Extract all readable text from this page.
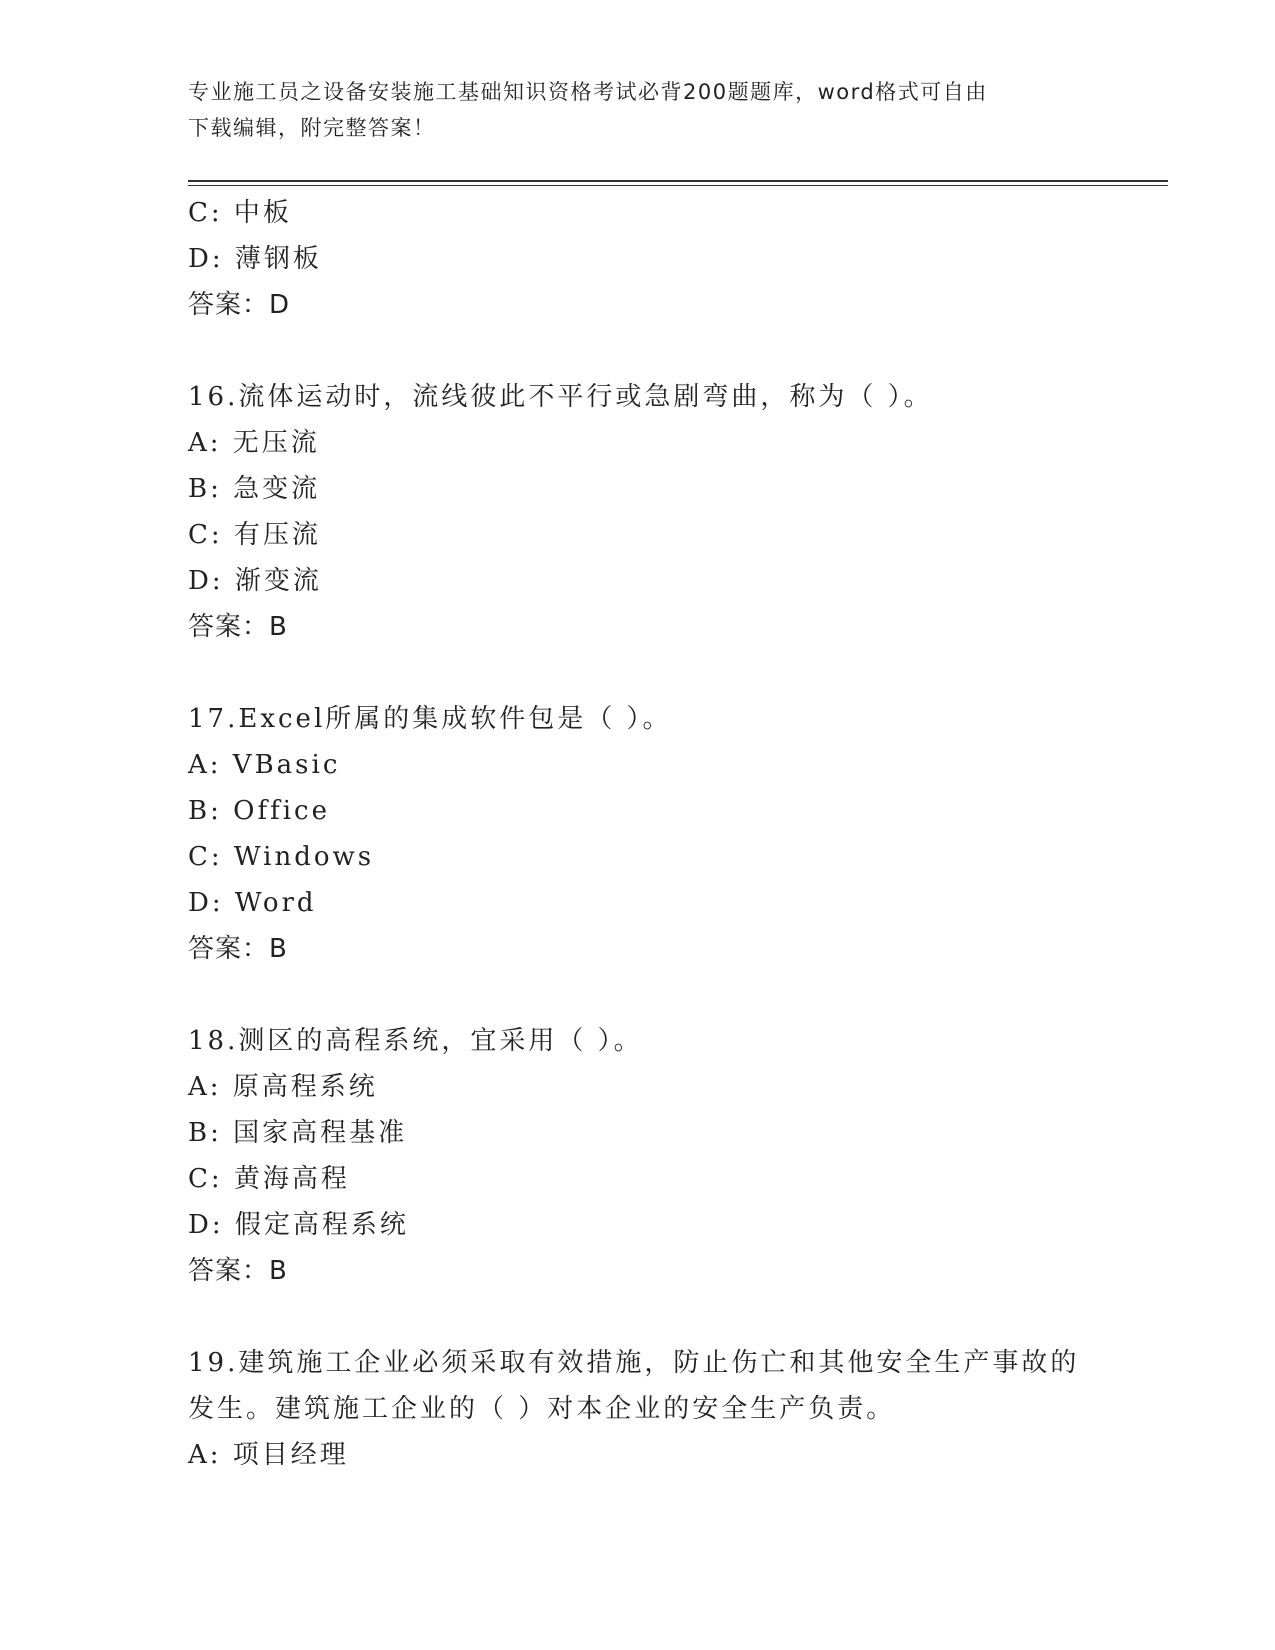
专业施工员之设备安装施工基础知识资格考试必背200题题库，word格式可自由
下载编辑，附完整答案！
C: 中板
D: 薄钢板
答案：D
16.流体运动时，流线彼此不平行或急剧弯曲，称为（ ）。
A: 无压流
B: 急变流
C: 有压流
D: 渐变流
答案：B
17.Excel所属的集成软件包是（ ）。
A: VBasic
B: Office
C: Windows
D: Word
答案：B
18.测区的高程系统，宜采用（ ）。
A: 原高程系统
B: 国家高程基准
C: 黄海高程
D: 假定高程系统
答案：B
19.建筑施工企业必须采取有效措施，防止伤亡和其他安全生产事故的
发生。建筑施工企业的（ ）对本企业的安全生产负责。
A: 项目经理
